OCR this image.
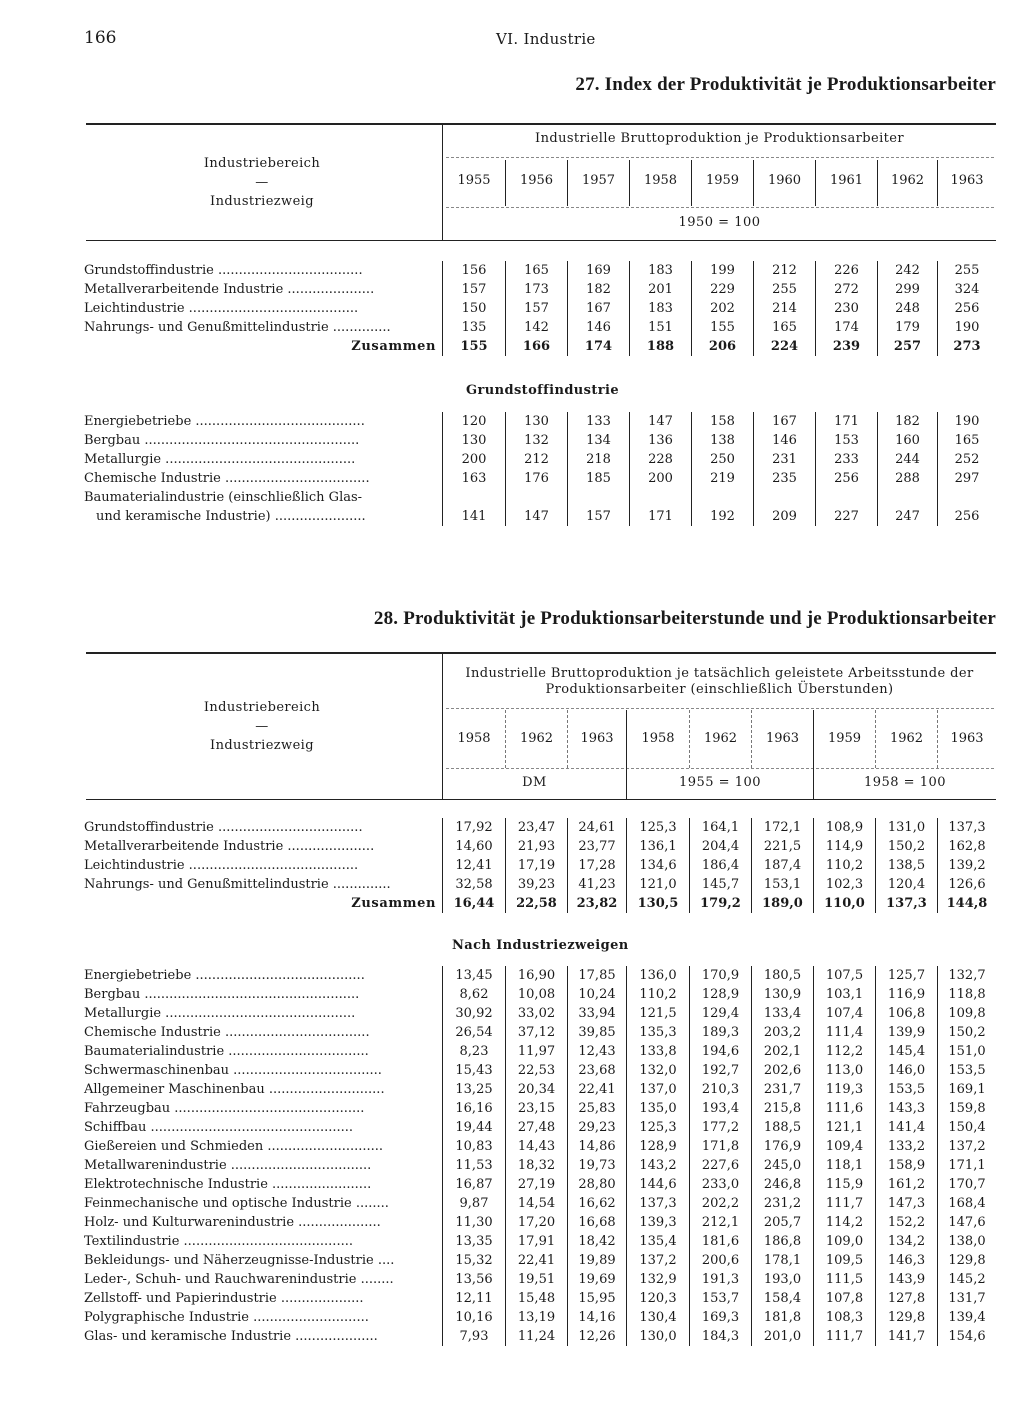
166	VI. Industrie
27. Index der Produktivität je Produktionsarbeiter
Industriebereich
—
Industriezweig
Industrielle Bruttoproduktion je Produktionsarbeiter
1955	1956	1957	1958	1959	1960	1961	1962	1963
1950 = 100
Grundstoffindustrie ...................................	156	165	169	183	199	212	226	242	255
Metallverarbeitende Industrie .....................	157	173	182	201	229	255	272	299	324
Leichtindustrie .........................................	150	157	167	183	202	214	230	248	256
Nahrungs- und Genußmittelindustrie ..............	135	142	146	151	155	165	174	179	190
Zusammen	155	166	174	188	206	224	239	257	273
Grundstoffindustrie
Energiebetriebe .........................................	120	130	133	147	158	167	171	182	190
Bergbau ....................................................	130	132	134	136	138	146	153	160	165
Metallurgie ..............................................	200	212	218	228	250	231	233	244	252
Chemische Industrie ...................................	163	176	185	200	219	235	256	288	297
Baumaterialindustrie (einschließlich Glas-
und keramische Industrie) ......................	141	147	157	171	192	209	227	247	256
28. Produktivität je Produktionsarbeiterstunde und je Produktionsarbeiter
Industriebereich
—
Industriezweig
Industrielle Bruttoproduktion je tatsächlich geleistete Arbeitsstunde der
Produktionsarbeiter (einschließlich Überstunden)
1958	1962	1963	1958	1962	1963	1959	1962	1963
DM	1955 = 100	1958 = 100
Grundstoffindustrie ...................................	17,92	23,47	24,61	125,3	164,1	172,1	108,9	131,0	137,3
Metallverarbeitende Industrie .....................	14,60	21,93	23,77	136,1	204,4	221,5	114,9	150,2	162,8
Leichtindustrie .........................................	12,41	17,19	17,28	134,6	186,4	187,4	110,2	138,5	139,2
Nahrungs- und Genußmittelindustrie ..............	32,58	39,23	41,23	121,0	145,7	153,1	102,3	120,4	126,6
Zusammen	16,44	22,58	23,82	130,5	179,2	189,0	110,0	137,3	144,8
Nach Industriezweigen
Energiebetriebe .........................................	13,45	16,90	17,85	136,0	170,9	180,5	107,5	125,7	132,7
Bergbau ....................................................	8,62	10,08	10,24	110,2	128,9	130,9	103,1	116,9	118,8
Metallurgie ..............................................	30,92	33,02	33,94	121,5	129,4	133,4	107,4	106,8	109,8
Chemische Industrie ...................................	26,54	37,12	39,85	135,3	189,3	203,2	111,4	139,9	150,2
Baumaterialindustrie ..................................	8,23	11,97	12,43	133,8	194,6	202,1	112,2	145,4	151,0
Schwermaschinenbau ....................................	15,43	22,53	23,68	132,0	192,7	202,6	113,0	146,0	153,5
Allgemeiner Maschinenbau ............................	13,25	20,34	22,41	137,0	210,3	231,7	119,3	153,5	169,1
Fahrzeugbau ..............................................	16,16	23,15	25,83	135,0	193,4	215,8	111,6	143,3	159,8
Schiffbau .................................................	19,44	27,48	29,23	125,3	177,2	188,5	121,1	141,4	150,4
Gießereien und Schmieden ............................	10,83	14,43	14,86	128,9	171,8	176,9	109,4	133,2	137,2
Metallwarenindustrie ..................................	11,53	18,32	19,73	143,2	227,6	245,0	118,1	158,9	171,1
Elektrotechnische Industrie ........................	16,87	27,19	28,80	144,6	233,0	246,8	115,9	161,2	170,7
Feinmechanische und optische Industrie ........	9,87	14,54	16,62	137,3	202,2	231,2	111,7	147,3	168,4
Holz- und Kulturwarenindustrie ....................	11,30	17,20	16,68	139,3	212,1	205,7	114,2	152,2	147,6
Textilindustrie .........................................	13,35	17,91	18,42	135,4	181,6	186,8	109,0	134,2	138,0
Bekleidungs- und Näherzeugnisse-Industrie ....	15,32	22,41	19,89	137,2	200,6	178,1	109,5	146,3	129,8
Leder-, Schuh- und Rauchwarenindustrie ........	13,56	19,51	19,69	132,9	191,3	193,0	111,5	143,9	145,2
Zellstoff- und Papierindustrie ....................	12,11	15,48	15,95	120,3	153,7	158,4	107,8	127,8	131,7
Polygraphische Industrie ............................	10,16	13,19	14,16	130,4	169,3	181,8	108,3	129,8	139,4
Glas- und keramische Industrie ....................	7,93	11,24	12,26	130,0	184,3	201,0	111,7	141,7	154,6
